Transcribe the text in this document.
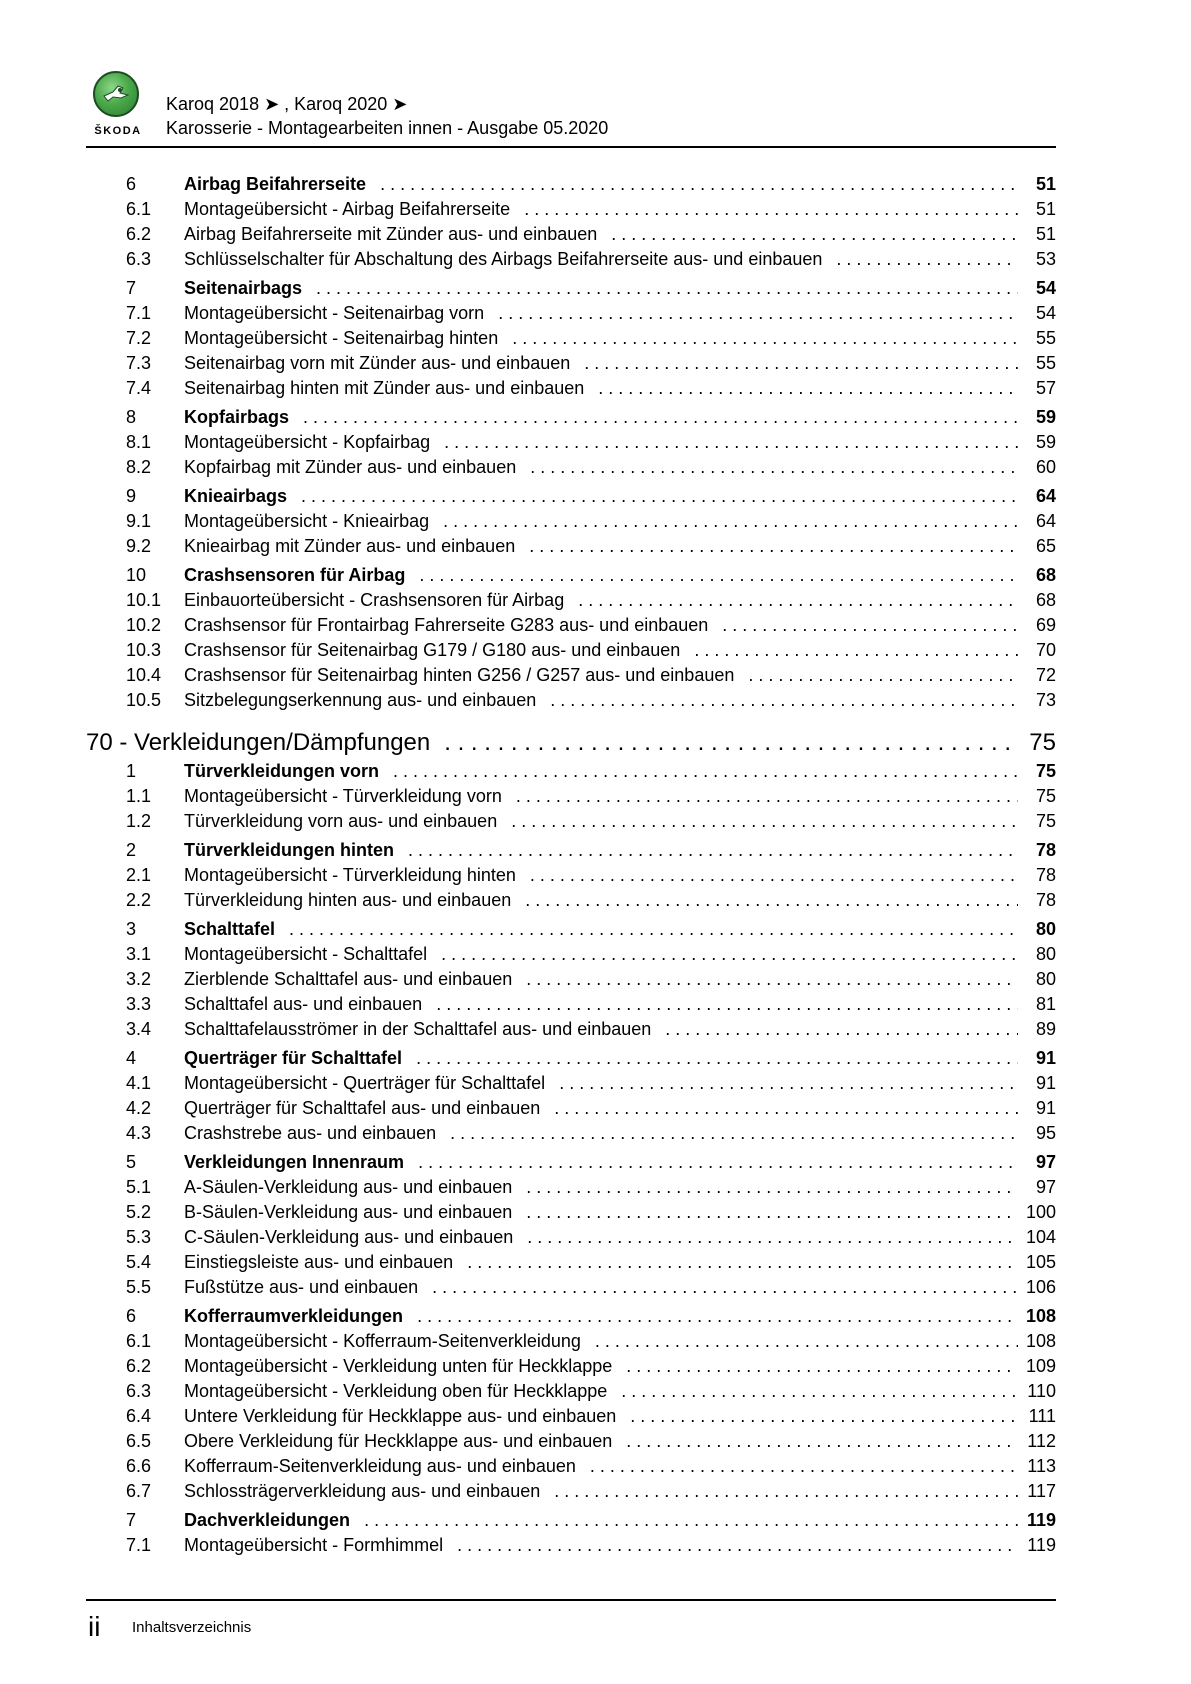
ŠKODA
Karoq 2018 ➤ , Karoq 2020 ➤
Karosserie - Montagearbeiten innen - Ausgabe 05.2020
6	Airbag Beifahrerseite . . .	51
6.1	Montageübersicht - Airbag Beifahrerseite . . .	51
6.2	Airbag Beifahrerseite mit Zünder aus- und einbauen . . .	51
6.3	Schlüsselschalter für Abschaltung des Airbags Beifahrerseite aus- und einbauen . . .	53
7	Seitenairbags . . .	54
7.1	Montageübersicht - Seitenairbag vorn . . .	54
7.2	Montageübersicht - Seitenairbag hinten . . .	55
7.3	Seitenairbag vorn mit Zünder aus- und einbauen . . .	55
7.4	Seitenairbag hinten mit Zünder aus- und einbauen . . .	57
8	Kopfairbags . . .	59
8.1	Montageübersicht - Kopfairbag . . .	59
8.2	Kopfairbag mit Zünder aus- und einbauen . . .	60
9	Knieairbags . . .	64
9.1	Montageübersicht - Knieairbag . . .	64
9.2	Knieairbag mit Zünder aus- und einbauen . . .	65
10	Crashsensoren für Airbag . . .	68
10.1	Einbauorteübersicht - Crashsensoren für Airbag . . .	68
10.2	Crashsensor für Frontairbag Fahrerseite G283 aus- und einbauen . . .	69
10.3	Crashsensor für Seitenairbag G179 / G180 aus- und einbauen . . .	70
10.4	Crashsensor für Seitenairbag hinten G256 / G257 aus- und einbauen . . .	72
10.5	Sitzbelegungserkennung aus- und einbauen . . .	73
70 - Verkleidungen/Dämpfungen . . .	75
1	Türverkleidungen vorn . . .	75
1.1	Montageübersicht - Türverkleidung vorn . . .	75
1.2	Türverkleidung vorn aus- und einbauen . . .	75
2	Türverkleidungen hinten . . .	78
2.1	Montageübersicht - Türverkleidung hinten . . .	78
2.2	Türverkleidung hinten aus- und einbauen . . .	78
3	Schalttafel . . .	80
3.1	Montageübersicht - Schalttafel . . .	80
3.2	Zierblende Schalttafel aus- und einbauen . . .	80
3.3	Schalttafel aus- und einbauen . . .	81
3.4	Schalttafelausströmer in der Schalttafel aus- und einbauen . . .	89
4	Querträger für Schalttafel . . .	91
4.1	Montageübersicht - Querträger für Schalttafel . . .	91
4.2	Querträger für Schalttafel aus- und einbauen . . .	91
4.3	Crashstrebe aus- und einbauen . . .	95
5	Verkleidungen Innenraum . . .	97
5.1	A-Säulen-Verkleidung aus- und einbauen . . .	97
5.2	B-Säulen-Verkleidung aus- und einbauen . . .	100
5.3	C-Säulen-Verkleidung aus- und einbauen . . .	104
5.4	Einstiegsleiste aus- und einbauen . . .	105
5.5	Fußstütze aus- und einbauen . . .	106
6	Kofferraumverkleidungen . . .	108
6.1	Montageübersicht - Kofferraum-Seitenverkleidung . . .	108
6.2	Montageübersicht - Verkleidung unten für Heckklappe . . .	109
6.3	Montageübersicht - Verkleidung oben für Heckklappe . . .	110
6.4	Untere Verkleidung für Heckklappe aus- und einbauen . . .	111
6.5	Obere Verkleidung für Heckklappe aus- und einbauen . . .	112
6.6	Kofferraum-Seitenverkleidung aus- und einbauen . . .	113
6.7	Schlossträgerverkleidung aus- und einbauen . . .	117
7	Dachverkleidungen . . .	119
7.1	Montageübersicht - Formhimmel . . .	119
ii Inhaltsverzeichnis
